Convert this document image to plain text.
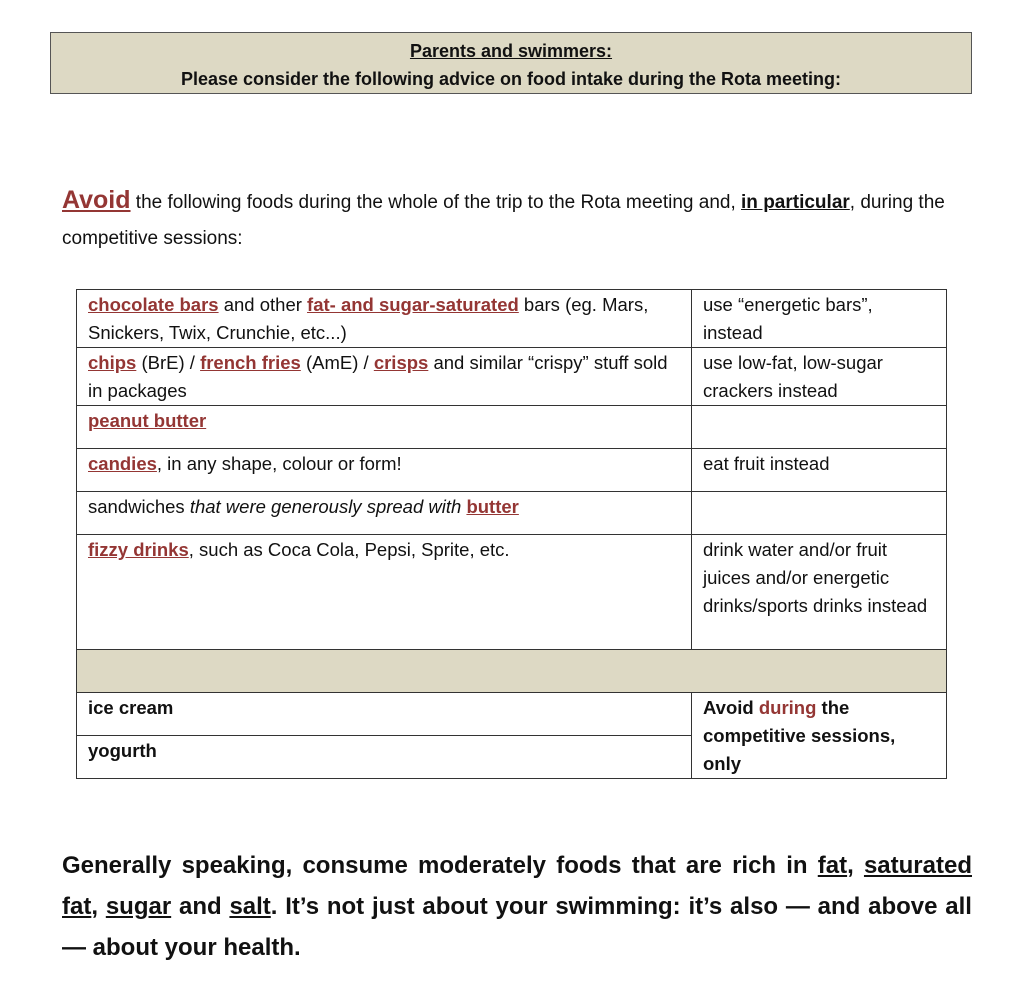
Parents and swimmers:
Please consider the following advice on food intake during the Rota meeting:
Avoid the following foods during the whole of the trip to the Rota meeting and, in particular, during the competitive sessions:
chocolate bars and other fat- and sugar-saturated bars (eg. Mars, Snickers, Twix, Crunchie, etc...)	use “energetic bars”, instead
chips (BrE) / french fries (AmE) / crisps and similar “crispy” stuff sold in packages	use low-fat, low-sugar crackers instead
peanut butter	
candies, in any shape, colour or form!	eat fruit instead
sandwiches that were generously spread with butter	
fizzy drinks, such as Coca Cola, Pepsi, Sprite, etc.	drink water and/or fruit juices and/or energetic drinks/sports drinks instead

ice cream	Avoid during the competitive sessions, only
yogurth	
Generally speaking, consume moderately foods that are rich in fat, saturated fat, sugar and salt. It’s not just about your swimming: it’s also — and above all — about your health.
